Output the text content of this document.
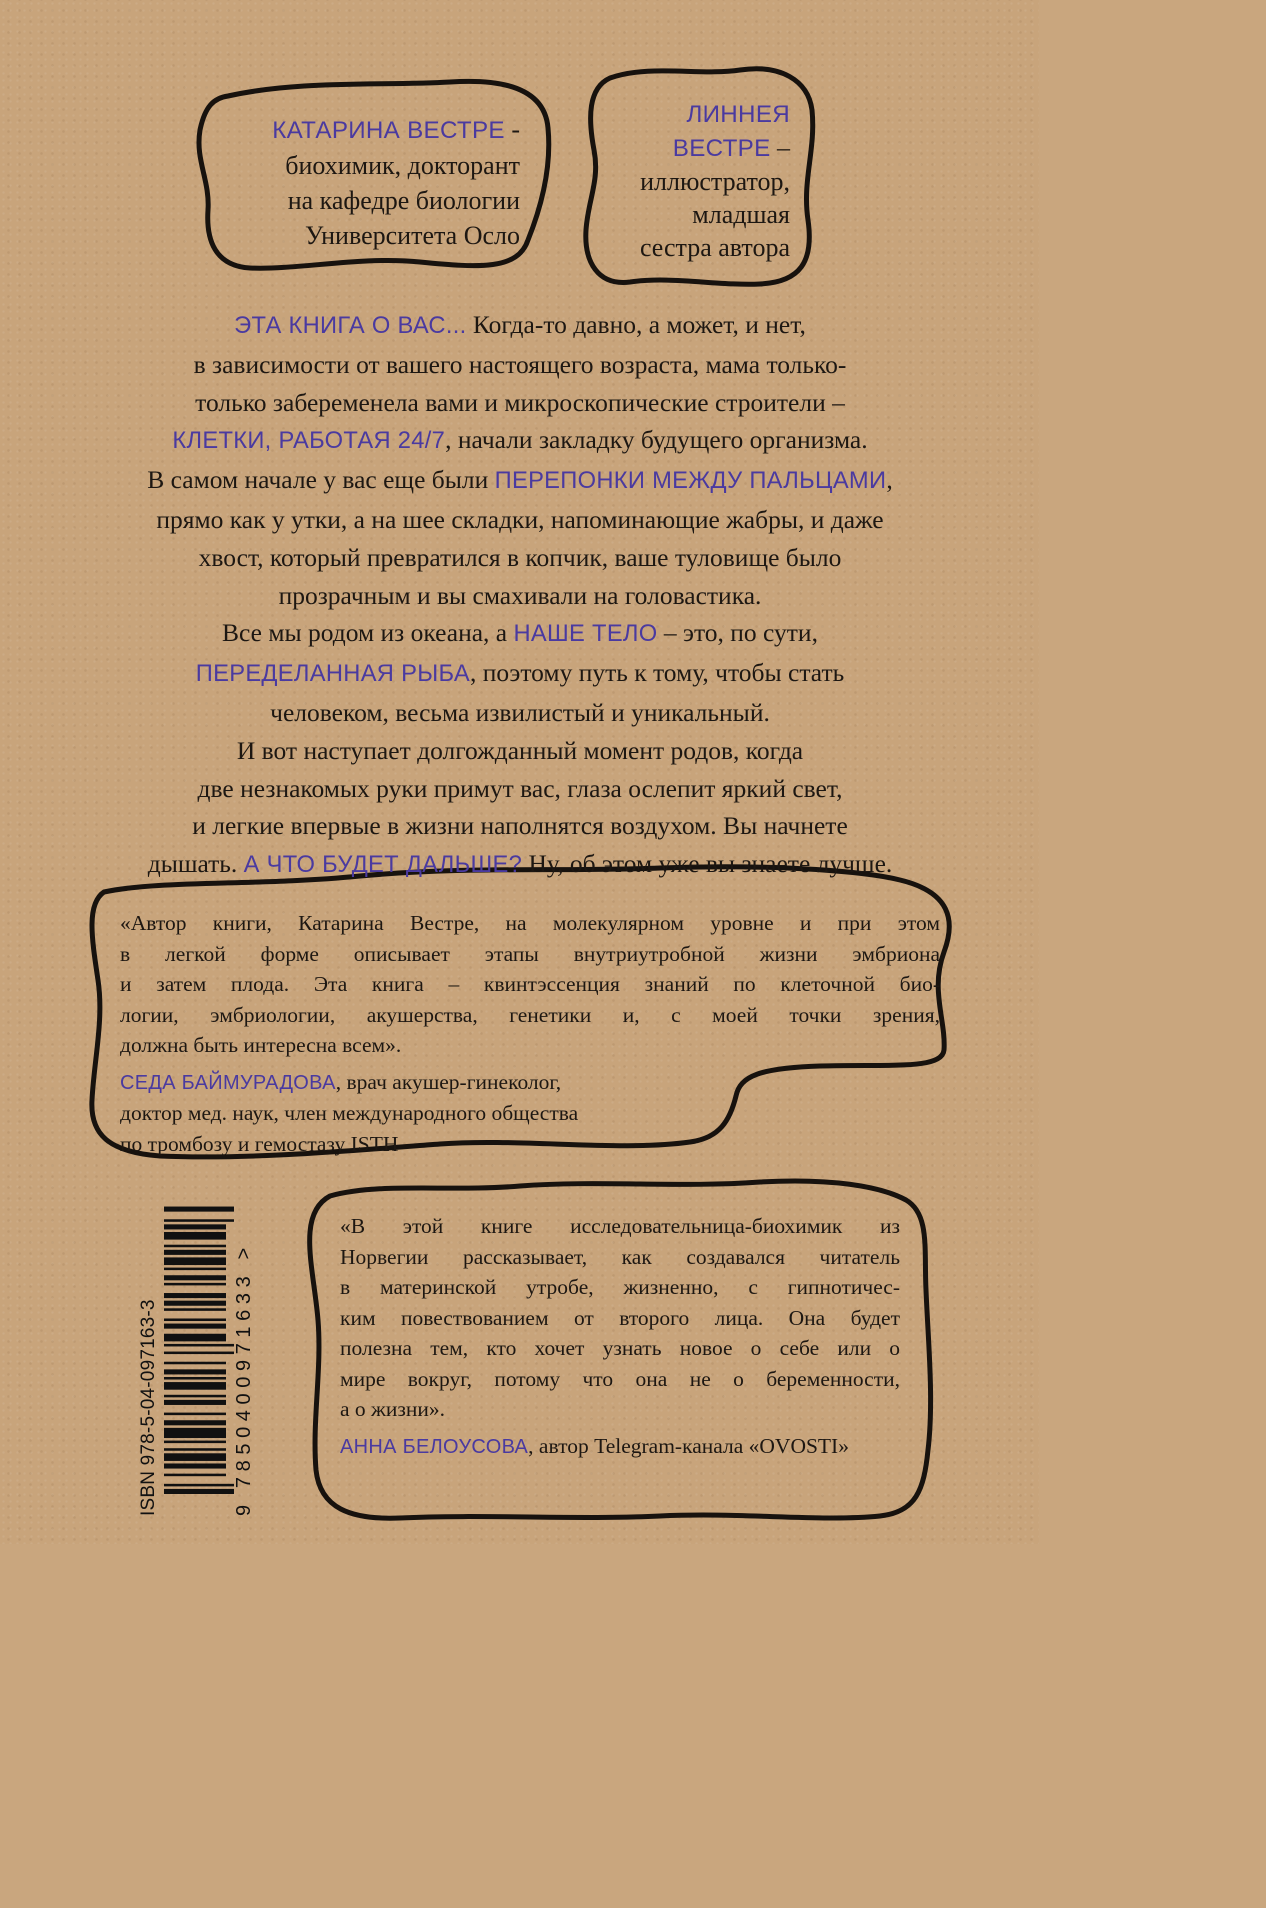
КАТАРИНА ВЕСТРЕ -
биохимик, докторант
на кафедре биологии
Университета Осло
ЛИННЕЯ
ВЕСТРЕ –
иллюстратор,
младшая
сестра автора
ЭТА КНИГА О ВАС... Когда-то давно, а может, и нет,
в зависимости от вашего настоящего возраста, мама только-
только забеременела вами и микроскопические строители –
КЛЕТКИ, РАБОТАЯ 24/7, начали закладку будущего организма.
В самом начале у вас еще были ПЕРЕПОНКИ МЕЖДУ ПАЛЬЦАМИ,
прямо как у утки, а на шее складки, напоминающие жабры, и даже
хвост, который превратился в копчик, ваше туловище было
прозрачным и вы смахивали на головастика.
Все мы родом из океана, а НАШЕ ТЕЛО – это, по сути,
ПЕРЕДЕЛАННАЯ РЫБА, поэтому путь к тому, чтобы стать
человеком, весьма извилистый и уникальный.
И вот наступает долгожданный момент родов, когда
две незнакомых руки примут вас, глаза ослепит яркий свет,
и легкие впервые в жизни наполнятся воздухом. Вы начнете
дышать. А ЧТО БУДЕТ ДАЛЬШЕ? Ну, об этом уже вы знаете лучше.
«Автор книги, Катарина Вестре, на молекулярном уровне и при этом
в легкой форме описывает этапы внутриутробной жизни эмбриона
и затем плода. Эта книга – квинтэссенция знаний по клеточной био-
логии, эмбриологии, акушерства, генетики и, с моей точки зрения,
должна быть интересна всем».
СЕДА БАЙМУРАДОВА, врач акушер-гинеколог,
доктор мед. наук, член международного общества
по тромбозу и гемостазу ISTH
ISBN 978-5-04-097163-3	9 7850400971633 >
«В этой книге исследовательница-биохимик из
Норвегии рассказывает, как создавался читатель
в материнской утробе, жизненно, с гипнотичес-
ким повествованием от второго лица. Она будет
полезна тем, кто хочет узнать новое о себе или о
мире вокруг, потому что она не о беременности,
а о жизни».
АННА БЕЛОУСОВА, автор Telegram-канала «OVOSTI»
